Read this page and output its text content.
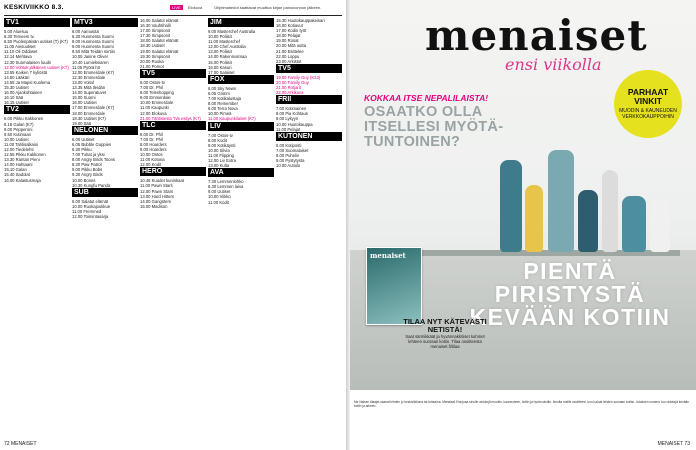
KESKIVIIKKO 8.3.	LIVE	Elokuva	Ohjelmatiedot saattavat muuttua kirjan painovonnon jälkeen.
TV1

5.00 Aluesuu

6.30 Terveem tv.

6.50 Puolenpäivän uutiset (T) (K7)

11.05 Aiesuutiset

11.10 Oli Oddaset

12.14 Mehtava

12.30 Suomalaisen luudn

12.00 Vohtuk jälkäinen uutiset (K7)

13.55 Kaiken 7 kyliöstä

14.50 Lääkäri

14.55 Ja Mapsi Kuolema

15.30 Uutiset

16.00 Ajankohtainen

16.10 Sää

16.15 Uutiset

TV2

6.00 Pikku Kakkonen

8.18 Galan (K7)

9.00 Pepperoni

9.50 Kutimaan

10.00 Uutiset

11.00 Tahtisalkaini

12.00 Tiedelehti

12.55 Pikku Kakkonen

13.30 Rantan Pieni

14.00 Hahtaani

15.10 Galan

15.40 Sadolat

16.00 Kalastusmaja

MTV3

6.00 Aamusää

6.30 Huomenta Suomi

8.00 Huomenta Suomi

9.00 Huomenta Suomi

9.50 Mitä Teidän sortiin

10.05 Jainne Oliver

10.40 Lumieksiaren

11.05 Pyörä hö

12.00 Emmerdale (K7)

12.30 Emmerdale

13.00 Voitol

13.35 Mitä tleidän

14.00 Superatuvet

15.00 Suomi

16.00 Uutiset

17.00 Emmerdale (K7)

18.00 Emmerdale

18.30 Uutiset (K7)

19.00 Sää

NELONEN

6.00 Uutiset

6.05 Bubble Guppies

6.30 Pikku

7.00 Tuhat ja yksi

8.00 Angry Birds Toons

8.30 Paw Patrol

9.00 Pikku Bobs

9.30 Angry Birds

10.00 Bones

10.30 Kungfu Panda

SUB

6.00 Salatut elämät

10.00 Ruokajoukkue

11.00 Fremmed

12.00 Toimintasarja

16.00 Salatut elämät

16.30 Vauhtihalli

17.00 Simpsonit

17.30 Simpsonit

18.00 Salatut elämät

18.30 Uutiset

19.00 Salatut elämät

19.30 Simpsonit

20.00 Ruoka

21.00 Pomot

TV5

6.00 Ostos-tv

7.00 Dr. Phil

8.00 Teleshopping

9.00 Emmerdale

10.00 Emmerdale

11.00 Kaupunki

12.00 Elokuva

21.00 Tähtisiesta Tv5 esitys (K7)

TLC

6.00 Dr. Phil

7.00 Dr. Phil

8.00 Hoarders

9.00 Hoarders

10.00 Ostos

11.00 Kotona

12.00 Kodit

HERO

10.45 Kuudet kuninkaat

11.00 Pawn Stars

12.00 Pawn Stars

13.00 Hard Hitters

14.00 Gangsters

15.00 Madison

JIM

9.00 Masterchef Australia

10.00 Poliisit

11.00 Masterchef

12.00 Chef Australia

13.00 Poliisit

14.00 Rakennusmaa

15.00 Poliisit

16.00 Kasuri

17.00 Salaiset

FOX

6.00 Sky News

6.05 Grimm

7.00 Kotikalustaja

8.00 Remember

9.00 Terra Nova

10.00 Pimeä

11.00 Kaupunkilaiset (K7)

LIV

7.00 Ostos-tv

8.00 Kodit

9.00 Kotikäynti

10.00 Silvia

11.00 Flipping

12.00 Liv Extra

13.00 Kulta

AVA

7.30 Lemmenlohko

8.30 Lemmen laiva

9.00 Uutiset

10.00 Viikko

11.00 Kodit

15.30 Huutokauppakeisari

16.00 Kotiavut

17.00 Kodin työt

18.00 Pelajat

19.00 Rosat

20.00 Mitä uutta

21.00 Esittelee

22.00 Loppu

23.00 Arkistot

TV5

19.00 Family Guy (K13)

20.00 Family Guy

21.00 Rotjarit

22.00 Arkikuva

FRII

7.00 Kotimainen

8.00 Pia Kohtaus

9.00 Lykyyn

10.00 Huutokauppa

11.00 Pelajat

KUTONEN

6.00 Kotiposti

7.00 Suomalaiset

8.00 Puhelin

9.00 Pystytysta

10.00 Autoilu

72 MENAISET
menaiset
ensi viikolla
KOKKAA ITSE NEPALILAISTA!
OSAATKO OLLA ITSELLESI MYÖTÄ-TUNTOINEN?
PARHAAT VINKIT
MUODIN & KAUNEUDEN VERKKOKAUPPOIHIN
PIENTÄ PIRISTYSTÄ KEVÄÄN KOTIIN
menaiset
TILAA NYT KÄTEVÄSTI NETISTÄ!
Saat särmikkäät ja hyvännakköiset kuhmet lehteen suoraan kotiin. Tilaa osoitteesta menaiset.fi/tilaa
Me Naisen tilaajat saavat lehden jo keskiviikkona tai torstaina. Menaiset.fi tarjoaa sinulle vinkkejä muotiin, kauneuteen, kotiin ja hyvinvointiin. Ilmoita meille osoitteesi, kun haluat lehden suoraan kotiisi. Jokainen numero tuo vinkkejä kevään kotiin ja arkeen.
MENAISET 73
